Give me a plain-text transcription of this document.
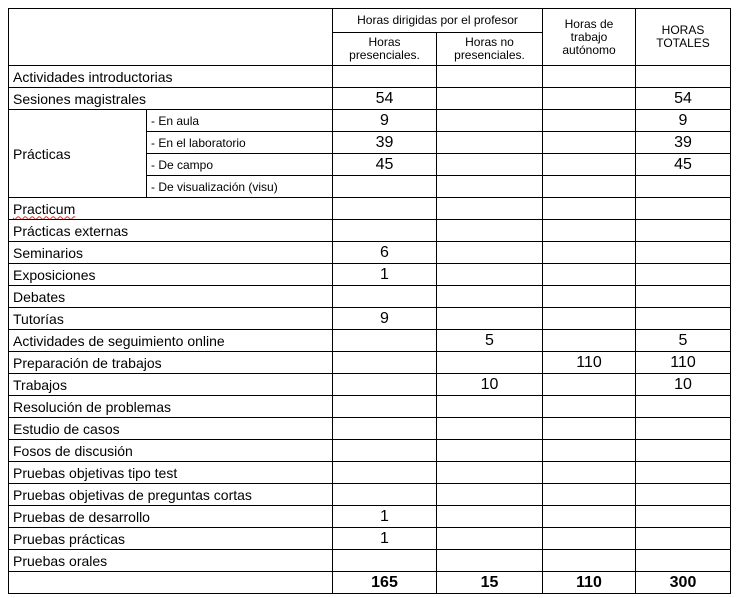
		Horas dirigidas por el profesor		Horas de trabajo autónomo	HORAS TOTALES
		Horas presenciales.	Horas no presenciales.		
Actividades introductorias					
Sesiones magistrales		54			54
Prácticas	- En aula	9			9
	- En el laboratorio	39			39
	- De campo	45			45
	- De visualización (visu)				
Practicum					
Prácticas externas					
Seminarios		6			
Exposiciones		1			
Debates					
Tutorías		9			
Actividades de seguimiento online			5		5
Preparación de trabajos				110	110
Trabajos			10		10
Resolución de problemas					
Estudio de casos					
Fosos de discusión					
Pruebas objetivas tipo test					
Pruebas objetivas de preguntas cortas					
Pruebas de desarrollo		1			
Pruebas prácticas		1			
Pruebas orales					
		165	15	110	300
